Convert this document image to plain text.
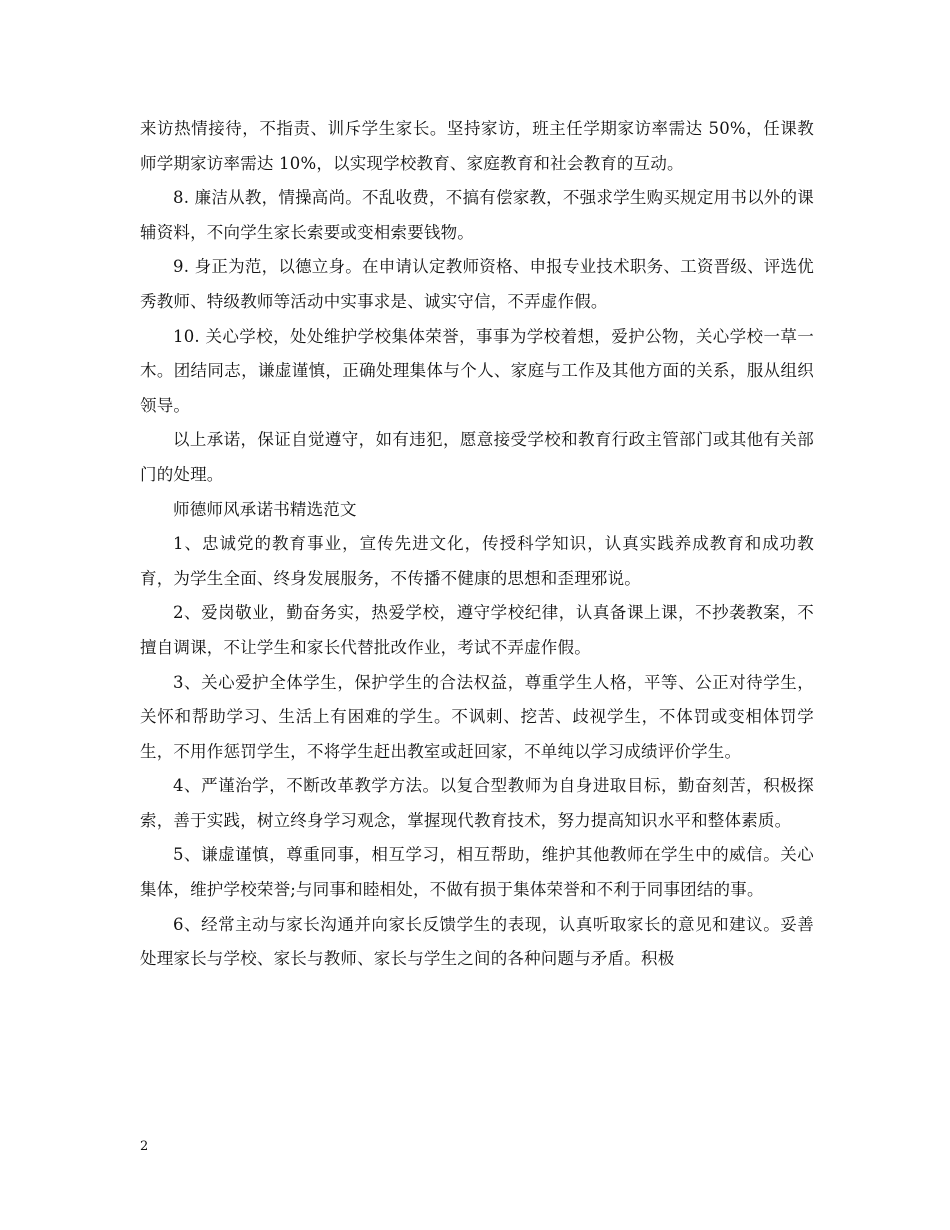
来访热情接待，不指责、训斥学生家长。坚持家访，班主任学期家访率需达 50%，任课教师学期家访率需达 10%，以实现学校教育、家庭教育和社会教育的互动。

8. 廉洁从教，情操高尚。不乱收费，不搞有偿家教，不强求学生购买规定用书以外的课辅资料，不向学生家长索要或变相索要钱物。

9. 身正为范，以德立身。在申请认定教师资格、申报专业技术职务、工资晋级、评选优秀教师、特级教师等活动中实事求是、诚实守信，不弄虚作假。

10. 关心学校，处处维护学校集体荣誉，事事为学校着想，爱护公物，关心学校一草一木。团结同志，谦虚谨慎，正确处理集体与个人、家庭与工作及其他方面的关系，服从组织领导。

以上承诺，保证自觉遵守，如有违犯，愿意接受学校和教育行政主管部门或其他有关部门的处理。

师德师风承诺书精选范文

1、忠诚党的教育事业，宣传先进文化，传授科学知识，认真实践养成教育和成功教育，为学生全面、终身发展服务，不传播不健康的思想和歪理邪说。

2、爱岗敬业，勤奋务实，热爱学校，遵守学校纪律，认真备课上课，不抄袭教案，不擅自调课，不让学生和家长代替批改作业，考试不弄虚作假。

3、关心爱护全体学生，保护学生的合法权益，尊重学生人格，平等、公正对待学生，关怀和帮助学习、生活上有困难的学生。不讽刺、挖苦、歧视学生，不体罚或变相体罚学生，不用作惩罚学生，不将学生赶出教室或赶回家，不单纯以学习成绩评价学生。

4、严谨治学，不断改革教学方法。以复合型教师为自身进取目标，勤奋刻苦，积极探索，善于实践，树立终身学习观念，掌握现代教育技术，努力提高知识水平和整体素质。

5、谦虚谨慎，尊重同事，相互学习，相互帮助，维护其他教师在学生中的威信。关心集体，维护学校荣誉;与同事和睦相处，不做有损于集体荣誉和不利于同事团结的事。

6、经常主动与家长沟通并向家长反馈学生的表现，认真听取家长的意见和建议。妥善处理家长与学校、家长与教师、家长与学生之间的各种问题与矛盾。积极

2
